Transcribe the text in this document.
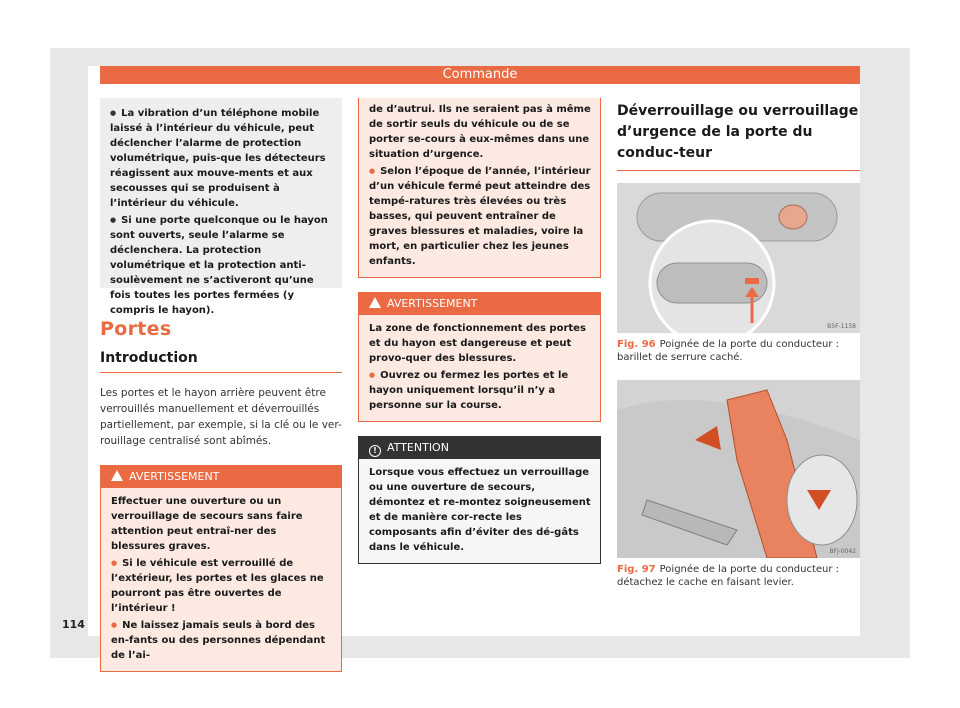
Commande
● La vibration d’un téléphone mobile laissé à l’intérieur du véhicule, peut déclencher l’alarme de protection volumétrique, puis-que les détecteurs réagissent aux mouve-ments et aux secousses qui se produisent à l’intérieur du véhicule.
● Si une porte quelconque ou le hayon sont ouverts, seule l’alarme se déclenchera. La protection volumétrique et la protection anti-soulèvement ne s’activeront qu’une fois toutes les portes fermées (y compris le hayon).
Portes
Introduction
Les portes et le hayon arrière peuvent être verrouillés manuellement et déverrouillés partiellement, par exemple, si la clé ou le ver-rouillage centralisé sont abîmés.
AVERTISSEMENT
Effectuer une ouverture ou un verrouillage de secours sans faire attention peut entraî-ner des blessures graves.
● Si le véhicule est verrouillé de l’extérieur, les portes et les glaces ne pourront pas être ouvertes de l’intérieur !
● Ne laissez jamais seuls à bord des en-fants ou des personnes dépendant de l’ai-
de d’autrui. Ils ne seraient pas à même de sortir seuls du véhicule ou de se porter se-cours à eux-mêmes dans une situation d’urgence.
● Selon l’époque de l’année, l’intérieur d’un véhicule fermé peut atteindre des tempé-ratures très élevées ou très basses, qui peuvent entraîner de graves blessures et maladies, voire la mort, en particulier chez les jeunes enfants.
AVERTISSEMENT
La zone de fonctionnement des portes et du hayon est dangereuse et peut provo-quer des blessures.
● Ouvrez ou fermez les portes et le hayon uniquement lorsqu’il n’y a personne sur la course.
! ATTENTION
Lorsque vous effectuez un verrouillage ou une ouverture de secours, démontez et re-montez soigneusement et de manière cor-recte les composants afin d’éviter des dé-gâts dans le véhicule.
Déverrouillage ou verrouillage d’urgence de la porte du conduc-teur
B5F-1158
Fig. 96 Poignée de la porte du conducteur : barillet de serrure caché.
BFJ-0042
Fig. 97 Poignée de la porte du conducteur : détachez le cache en faisant levier.
114
